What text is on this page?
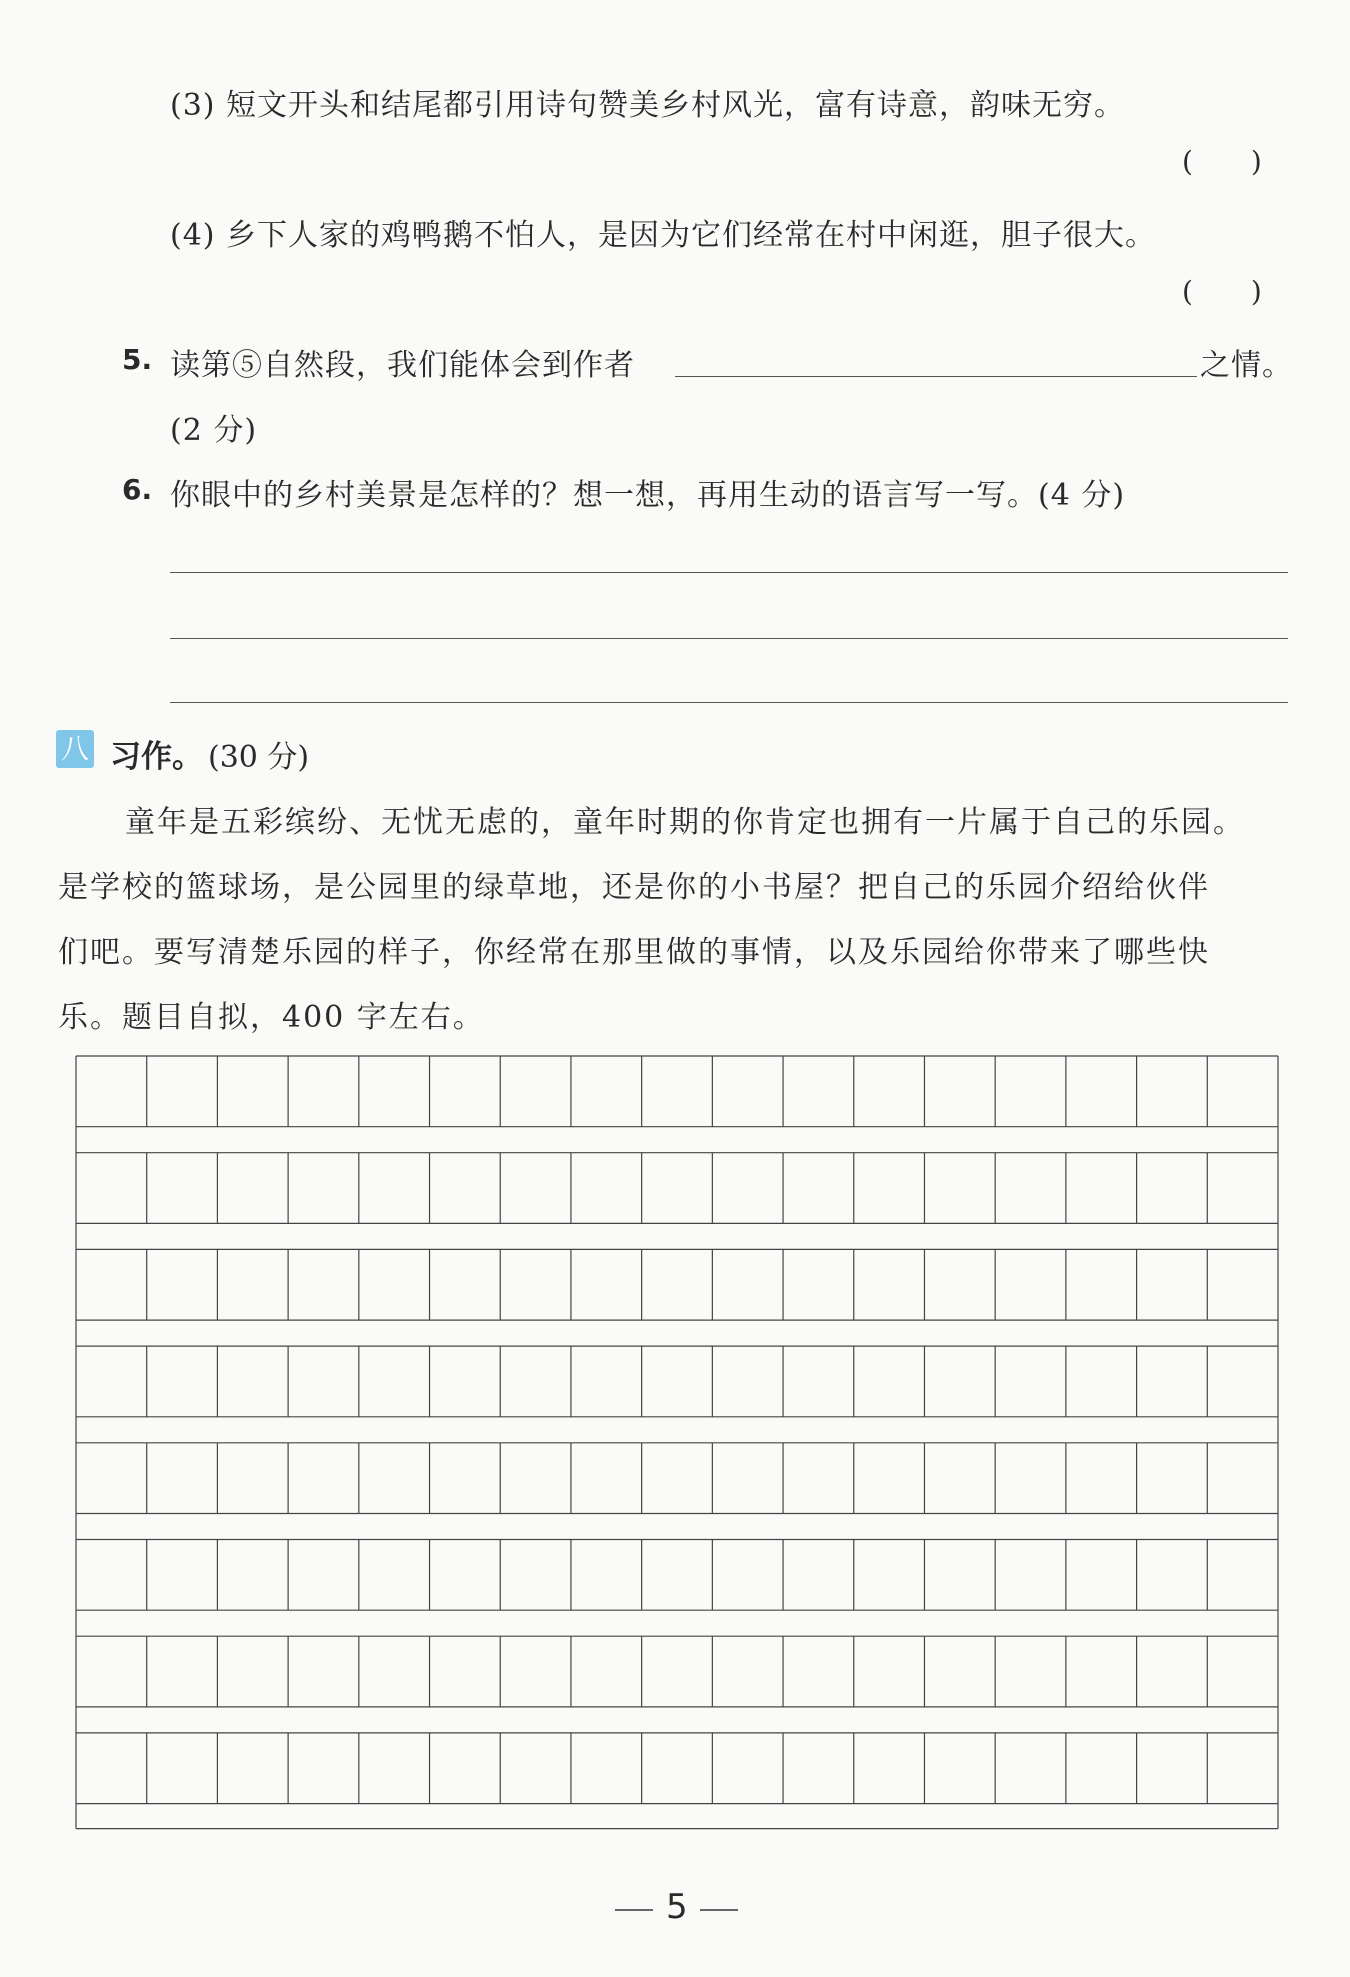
(3) 短文开头和结尾都引用诗句赞美乡村风光，富有诗意，韵味无穷。
()
(4) 乡下人家的鸡鸭鹅不怕人，是因为它们经常在村中闲逛，胆子很大。
()
5. 读第⑤自然段，我们能体会到作者	之情。
(2 分)
6. 你眼中的乡村美景是怎样的？想一想，再用生动的语言写一写。(4 分)
八 习作。 (30 分)
童年是五彩缤纷、无忧无虑的，童年时期的你肯定也拥有一片属于自己的乐园。
是学校的篮球场，是公园里的绿草地，还是你的小书屋？把自己的乐园介绍给伙伴
们吧。要写清楚乐园的样子，你经常在那里做的事情，以及乐园给你带来了哪些快
乐。题目自拟，400 字左右。
5
